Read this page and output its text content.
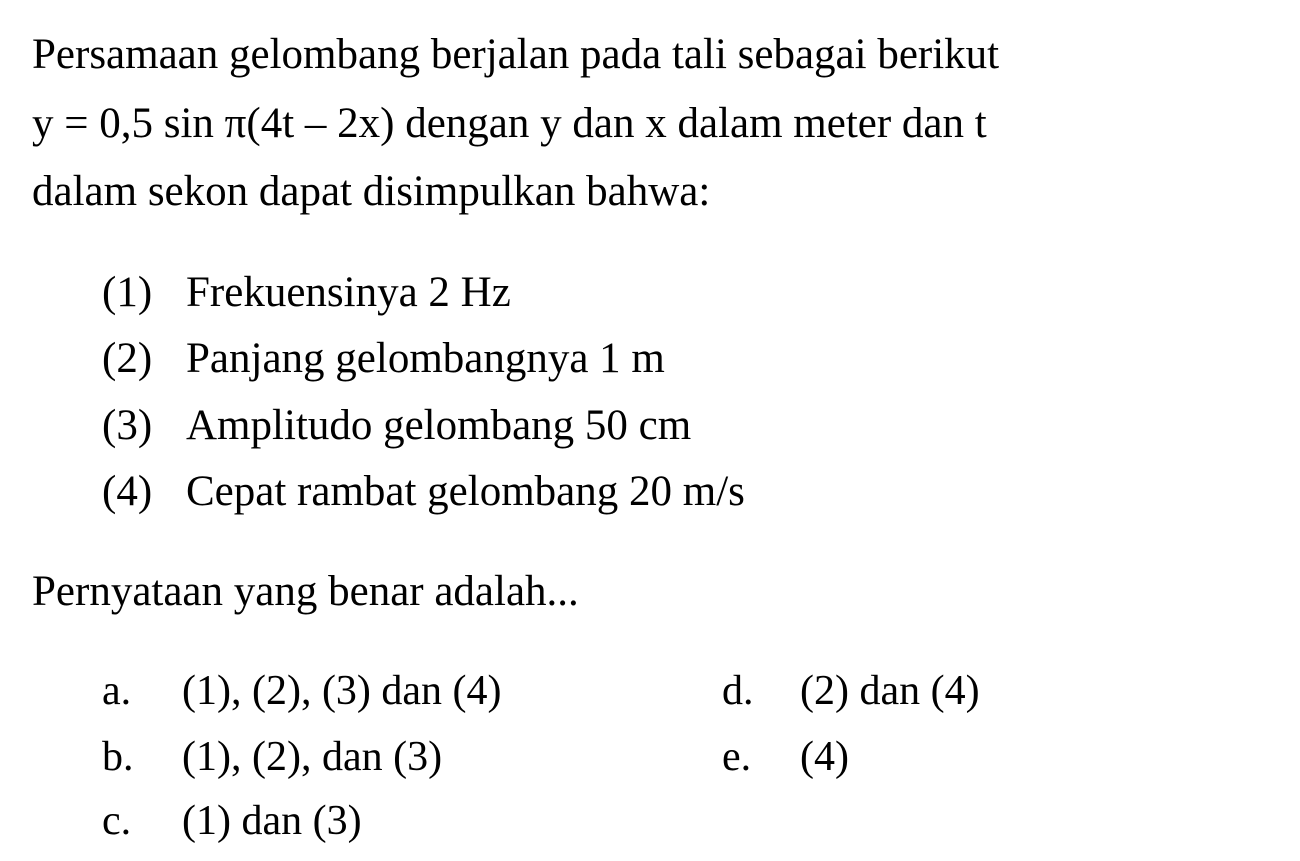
Persamaan gelombang berjalan pada tali sebagai berikut
y = 0,5 sin π(4t – 2x) dengan y dan x dalam meter dan t
dalam sekon dapat disimpulkan bahwa:
(1) Frekuensinya 2 Hz
(2) Panjang gelombangnya 1 m
(3) Amplitudo gelombang 50 cm
(4) Cepat rambat gelombang 20 m/s
Pernyataan yang benar adalah...
a. (1), (2), (3) dan (4)
b. (1), (2), dan (3)
c. (1) dan (3)
d. (2) dan (4)
e. (4)
